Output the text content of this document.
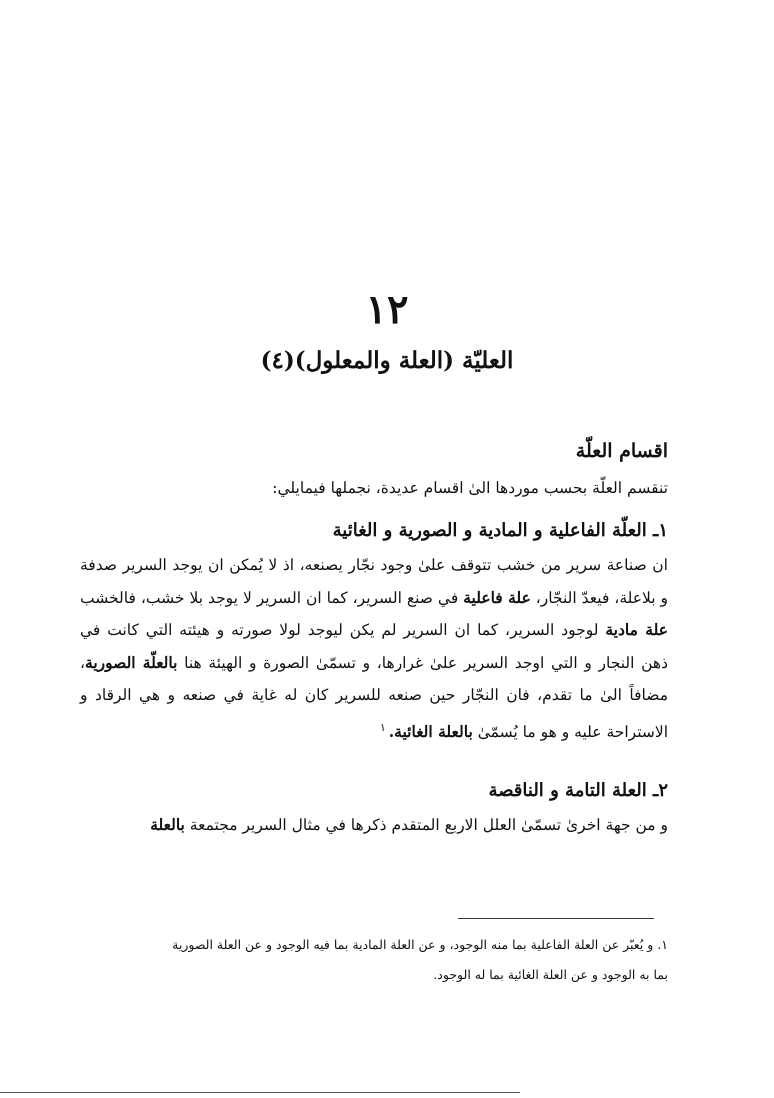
١٢
العليّة (العلة والمعلول)(٤)
اقسام العلّة

تنقسم العلّة بحسب موردها الىٰ اقسام عديدة، نجملها فيمايلي:

١ـ العلّة الفاعلية و المادية و الصورية و الغائية

ان صناعة سرير من خشب تتوقف علىٰ وجود نجّار يصنعه، اذ لا يُمكن ان يوجد السرير صدفة و بلاعلة، فيعدّ النجّار، علة فاعلية في صنع السرير، كما ان السرير لا يوجد بلا خشب، فالخشب علة مادية لوجود السرير، كما ان السرير لم يكن ليوجد لولا صورته و هيئته التي كانت في ذهن النجار و التي اوجد السرير علىٰ غرارها، و تسمّىٰ الصورة و الهيئة هنا بالعلّة الصورية، مضافاً الىٰ ما تقدم، فان النجّار حين صنعه للسرير كان له غاية في صنعه و هي الرقاد و الاستراحة عليه و هو ما يُسمّىٰ بالعلة الغائية.$^١$

٢ـ العلة التامة و الناقصة

و من جهة اخرىٰ تسمّىٰ العلل الاربع المتقدم ذكرها في مثال السرير مجتمعة بالعلة

١. و يُعبّر عن العلة الفاعلية بما منه الوجود، و عن العلة المادية بما فيه الوجود و عن العلة الصورية

بما به الوجود و عن العلة الغائية بما له الوجود.
